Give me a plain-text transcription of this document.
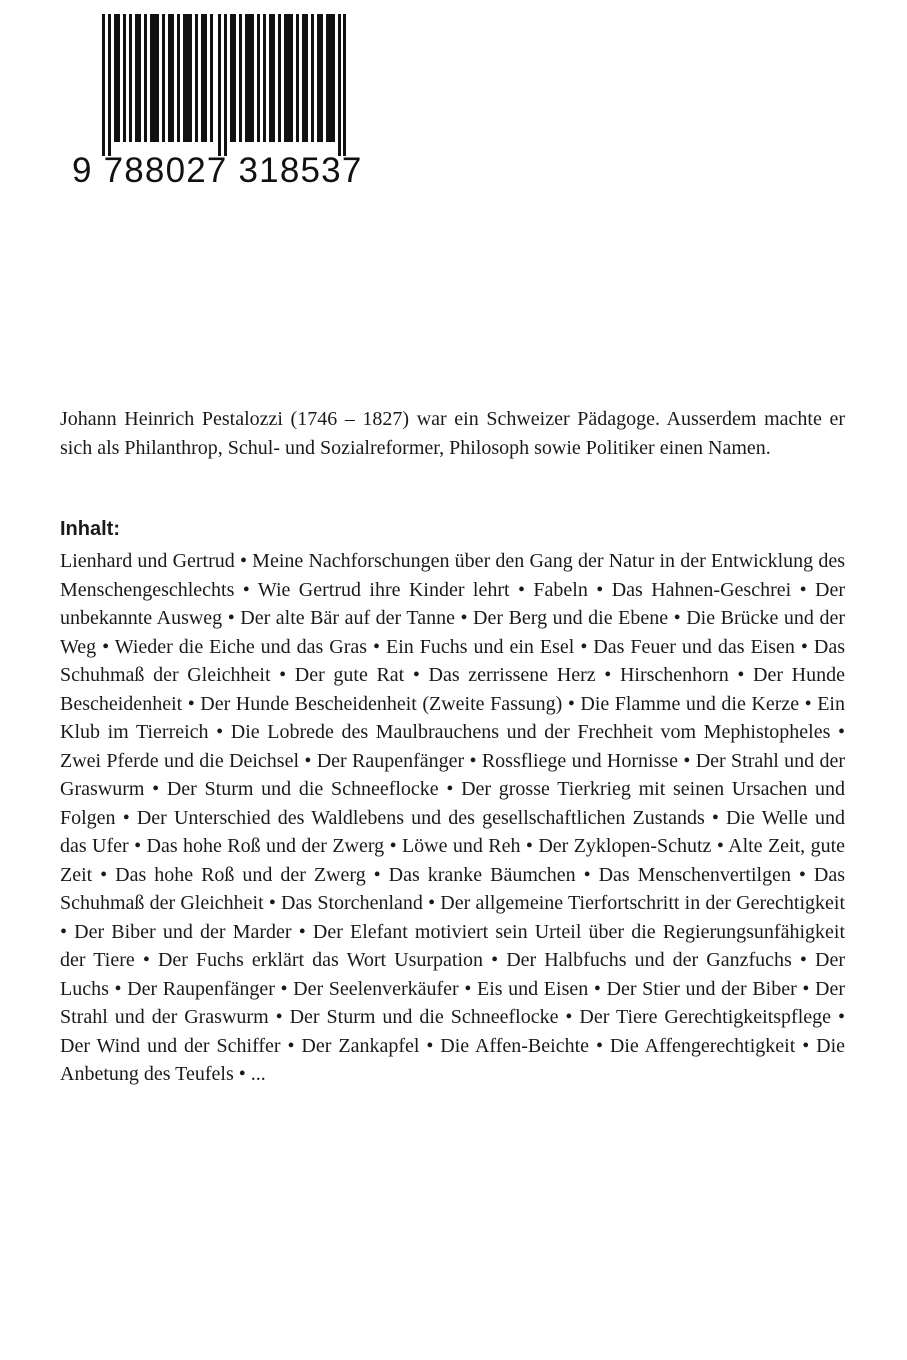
9 788027 318537

Johann Heinrich Pestalozzi (1746 – 1827) war ein Schweizer Pädagoge. Ausserdem machte er sich als Philanthrop, Schul- und Sozialreformer, Philosoph sowie Politiker einen Namen.

Inhalt:

Lienhard und Gertrud • Meine Nachforschungen über den Gang der Natur in der Entwicklung des Menschengeschlechts • Wie Gertrud ihre Kinder lehrt • Fabeln • Das Hahnen-Geschrei • Der unbekannte Ausweg • Der alte Bär auf der Tanne • Der Berg und die Ebene • Die Brücke und der Weg • Wieder die Eiche und das Gras • Ein Fuchs und ein Esel • Das Feuer und das Eisen • Das Schuhmaß der Gleichheit • Der gute Rat • Das zerrissene Herz • Hirschenhorn • Der Hunde Bescheidenheit • Der Hunde Bescheidenheit (Zweite Fassung) • Die Flamme und die Kerze • Ein Klub im Tierreich • Die Lobrede des Maulbrauchens und der Frechheit vom Mephistopheles • Zwei Pferde und die Deichsel • Der Raupenfänger • Rossfliege und Hornisse • Der Strahl und der Graswurm • Der Sturm und die Schneeflocke • Der grosse Tierkrieg mit seinen Ursachen und Folgen • Der Unterschied des Waldlebens und des gesellschaftlichen Zustands • Die Welle und das Ufer • Das hohe Roß und der Zwerg • Löwe und Reh • Der Zyklopen-Schutz • Alte Zeit, gute Zeit • Das hohe Roß und der Zwerg • Das kranke Bäumchen • Das Menschenvertilgen • Das Schuhmaß der Gleichheit • Das Storchenland • Der allgemeine Tierfortschritt in der Gerechtigkeit • Der Biber und der Marder • Der Elefant motiviert sein Urteil über die Regierungsunfähigkeit der Tiere • Der Fuchs erklärt das Wort Usurpation • Der Halbfuchs und der Ganzfuchs • Der Luchs • Der Raupenfänger • Der Seelenverkäufer • Eis und Eisen • Der Stier und der Biber • Der Strahl und der Graswurm • Der Sturm und die Schneeflocke • Der Tiere Gerechtigkeitspflege • Der Wind und der Schiffer • Der Zankapfel • Die Affen-Beichte • Die Affengerechtigkeit • Die Anbetung des Teufels • ...
